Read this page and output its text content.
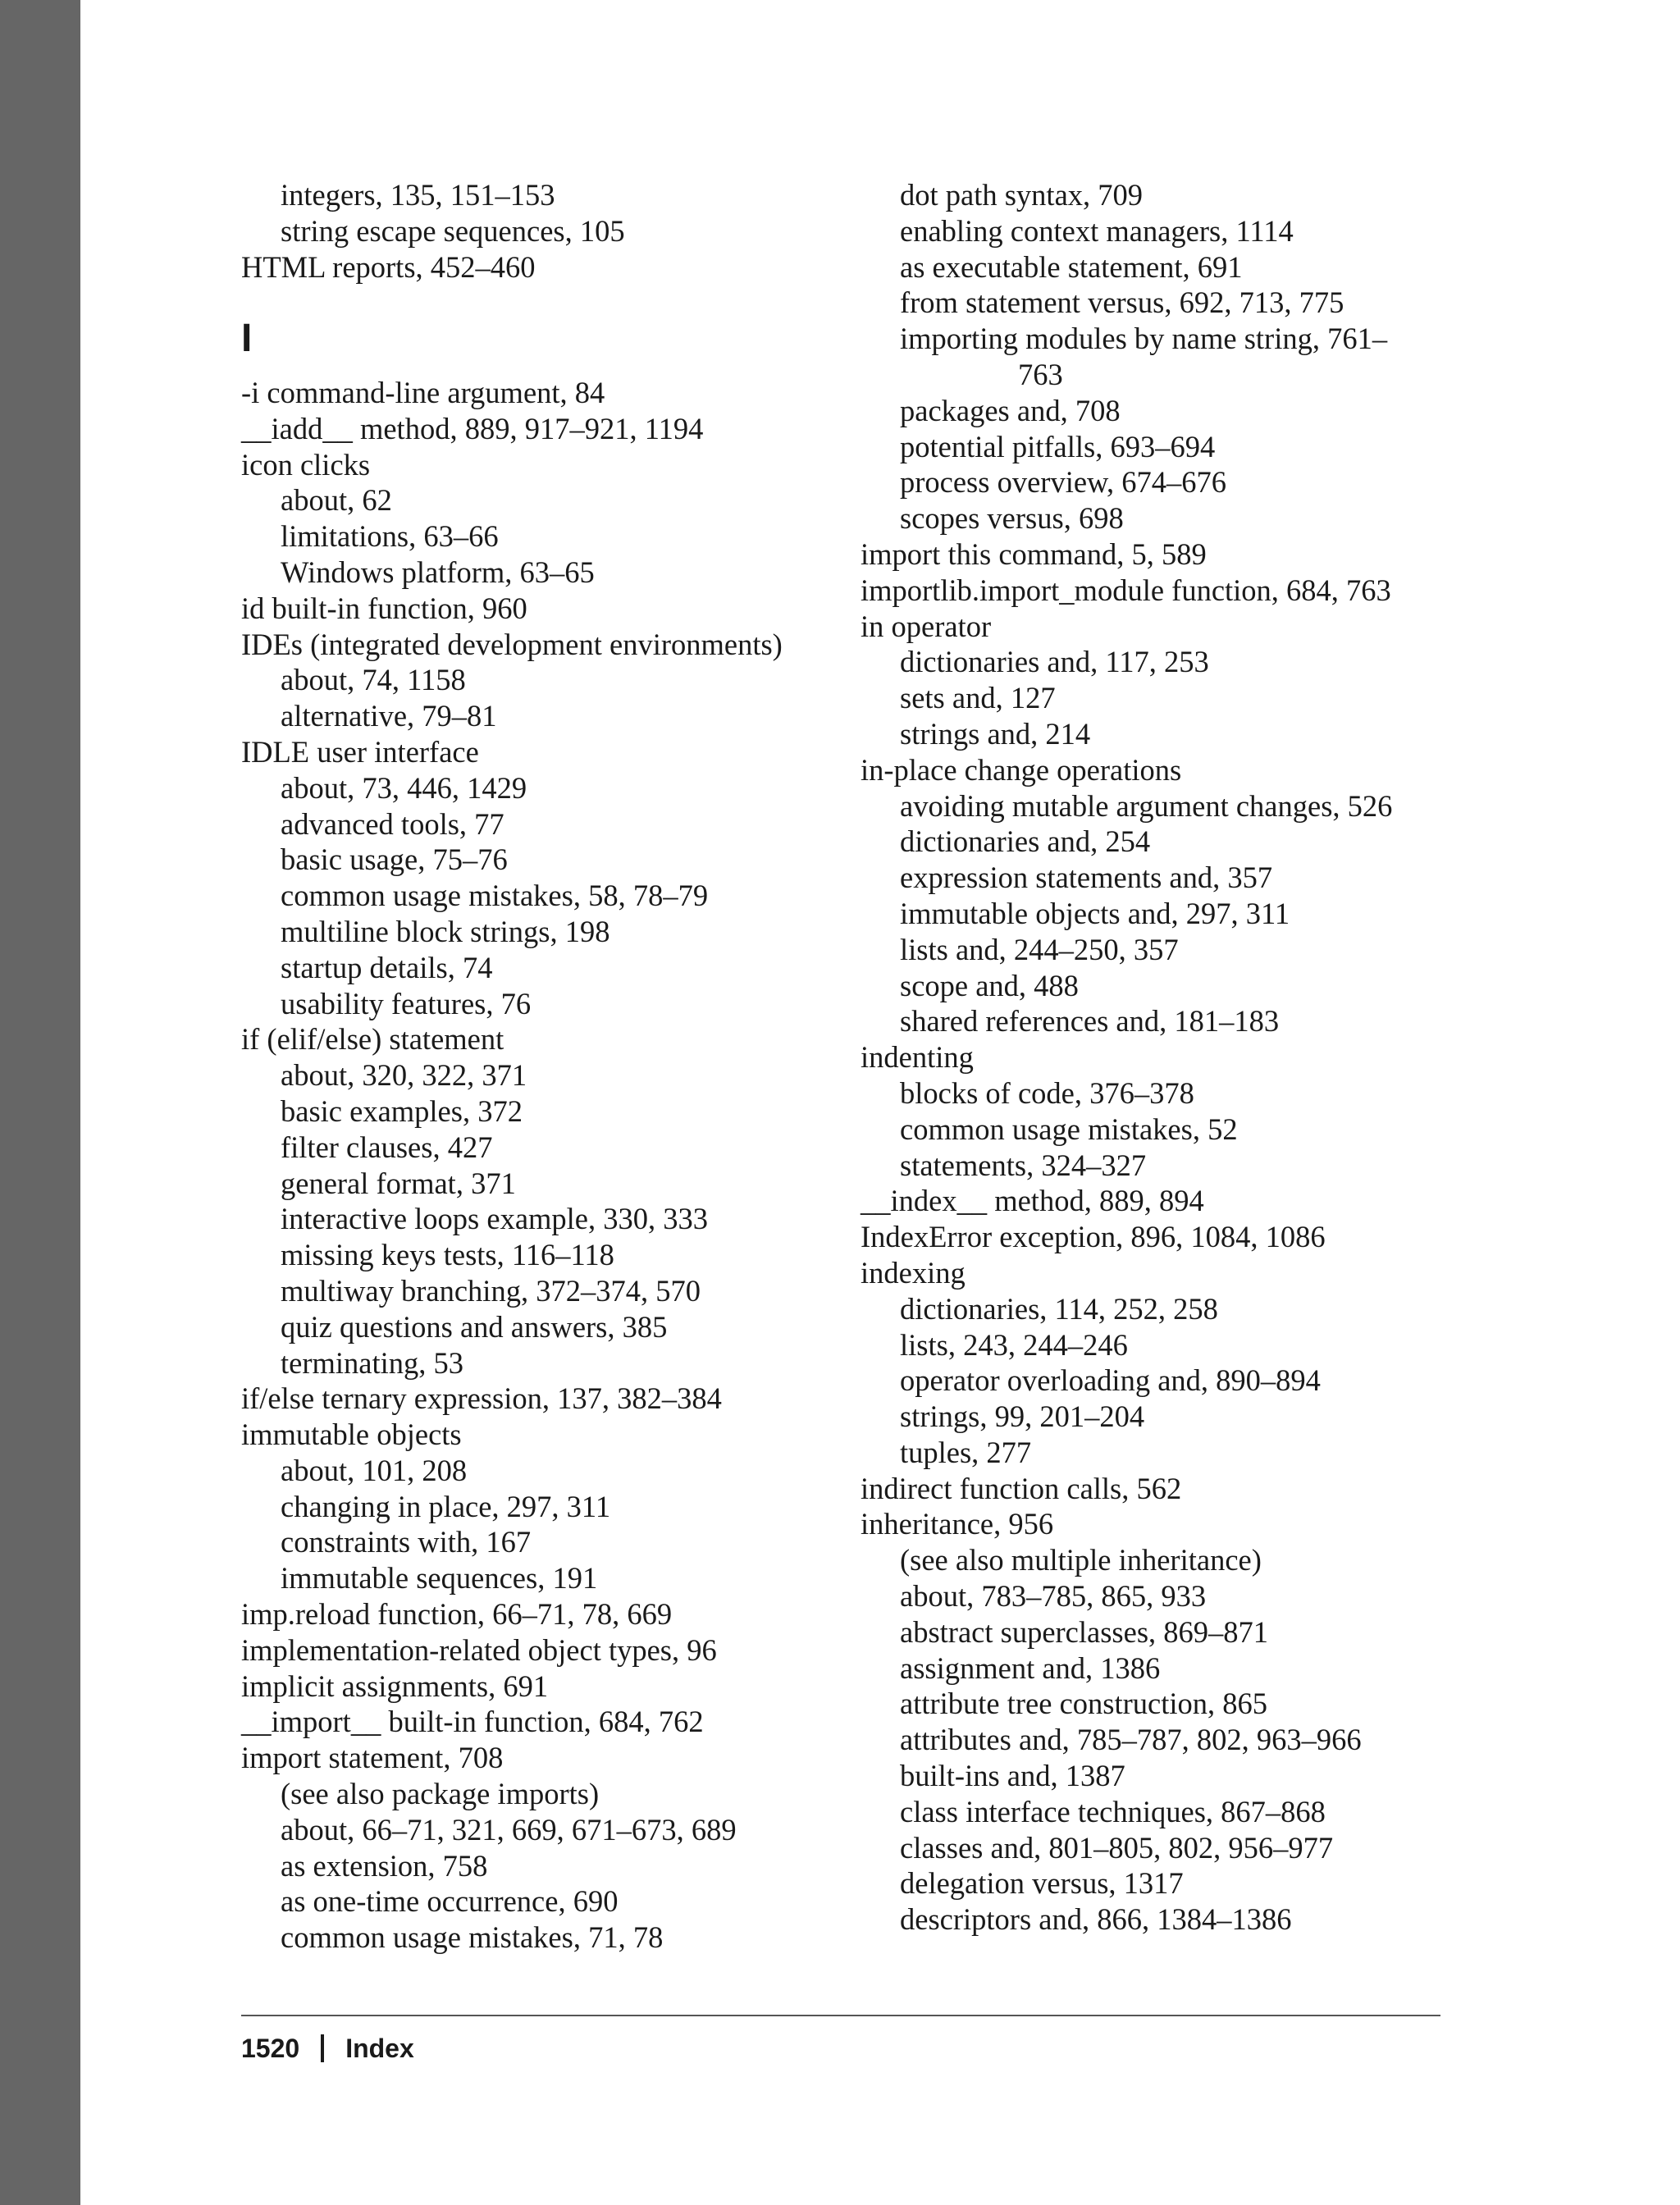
integers, 135, 151–153
string escape sequences, 105
HTML reports, 452–460
I
-i command-line argument, 84
__iadd__ method, 889, 917–921, 1194
icon clicks
about, 62
limitations, 63–66
Windows platform, 63–65
id built-in function, 960
IDEs (integrated development environments)
about, 74, 1158
alternative, 79–81
IDLE user interface
about, 73, 446, 1429
advanced tools, 77
basic usage, 75–76
common usage mistakes, 58, 78–79
multiline block strings, 198
startup details, 74
usability features, 76
if (elif/else) statement
about, 320, 322, 371
basic examples, 372
filter clauses, 427
general format, 371
interactive loops example, 330, 333
missing keys tests, 116–118
multiway branching, 372–374, 570
quiz questions and answers, 385
terminating, 53
if/else ternary expression, 137, 382–384
immutable objects
about, 101, 208
changing in place, 297, 311
constraints with, 167
immutable sequences, 191
imp.reload function, 66–71, 78, 669
implementation-related object types, 96
implicit assignments, 691
__import__ built-in function, 684, 762
import statement, 708
(see also package imports)
about, 66–71, 321, 669, 671–673, 689
as extension, 758
as one-time occurrence, 690
common usage mistakes, 71, 78
dot path syntax, 709
enabling context managers, 1114
as executable statement, 691
from statement versus, 692, 713, 775
importing modules by name string, 761–
763
packages and, 708
potential pitfalls, 693–694
process overview, 674–676
scopes versus, 698
import this command, 5, 589
importlib.import_module function, 684, 763
in operator
dictionaries and, 117, 253
sets and, 127
strings and, 214
in-place change operations
avoiding mutable argument changes, 526
dictionaries and, 254
expression statements and, 357
immutable objects and, 297, 311
lists and, 244–250, 357
scope and, 488
shared references and, 181–183
indenting
blocks of code, 376–378
common usage mistakes, 52
statements, 324–327
__index__ method, 889, 894
IndexError exception, 896, 1084, 1086
indexing
dictionaries, 114, 252, 258
lists, 243, 244–246
operator overloading and, 890–894
strings, 99, 201–204
tuples, 277
indirect function calls, 562
inheritance, 956
(see also multiple inheritance)
about, 783–785, 865, 933
abstract superclasses, 869–871
assignment and, 1386
attribute tree construction, 865
attributes and, 785–787, 802, 963–966
built-ins and, 1387
class interface techniques, 867–868
classes and, 801–805, 802, 956–977
delegation versus, 1317
descriptors and, 866, 1384–1386
1520 Index
